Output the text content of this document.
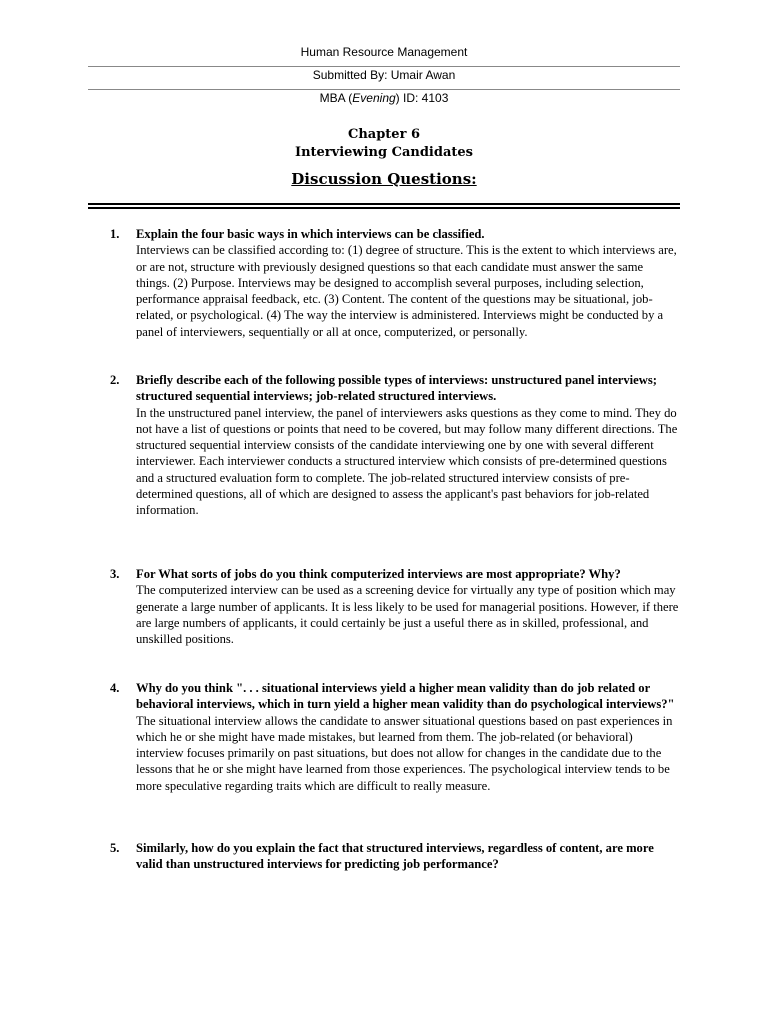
Human Resource Management
Submitted By: Umair Awan
MBA (Evening) ID: 4103
Chapter 6
Interviewing Candidates
Discussion Questions:
1. Explain the four basic ways in which interviews can be classified.
Interviews can be classified according to: (1) degree of structure. This is the extent to which interviews are, or are not, structure with previously designed questions so that each candidate must answer the same things. (2) Purpose. Interviews may be designed to accomplish several purposes, including selection, performance appraisal feedback, etc. (3) Content. The content of the questions may be situational, job-related, or psychological. (4) The way the interview is administered. Interviews might be conducted by a panel of interviewers, sequentially or all at once, computerized, or personally.
2. Briefly describe each of the following possible types of interviews: unstructured panel interviews; structured sequential interviews; job-related structured interviews.
In the unstructured panel interview, the panel of interviewers asks questions as they come to mind. They do not have a list of questions or points that need to be covered, but may follow many different directions. The structured sequential interview consists of the candidate interviewing one by one with several different interviewer. Each interviewer conducts a structured interview which consists of pre-determined questions and a structured evaluation form to complete. The job-related structured interview consists of pre-determined questions, all of which are designed to assess the applicant's past behaviors for job-related information.
3. For What sorts of jobs do you think computerized interviews are most appropriate? Why?
The computerized interview can be used as a screening device for virtually any type of position which may generate a large number of applicants. It is less likely to be used for managerial positions. However, if there are large numbers of applicants, it could certainly be just a useful there as in skilled, professional, and unskilled positions.
4. Why do you think ". . . situational interviews yield a higher mean validity than do job related or behavioral interviews, which in turn yield a higher mean validity than do psychological interviews?"
The situational interview allows the candidate to answer situational questions based on past experiences in which he or she might have made mistakes, but learned from them. The job-related (or behavioral) interview focuses primarily on past situations, but does not allow for changes in the candidate due to the lessons that he or she might have learned from those experiences. The psychological interview tends to be more speculative regarding traits which are difficult to really measure.
5. Similarly, how do you explain the fact that structured interviews, regardless of content, are more valid than unstructured interviews for predicting job performance?
